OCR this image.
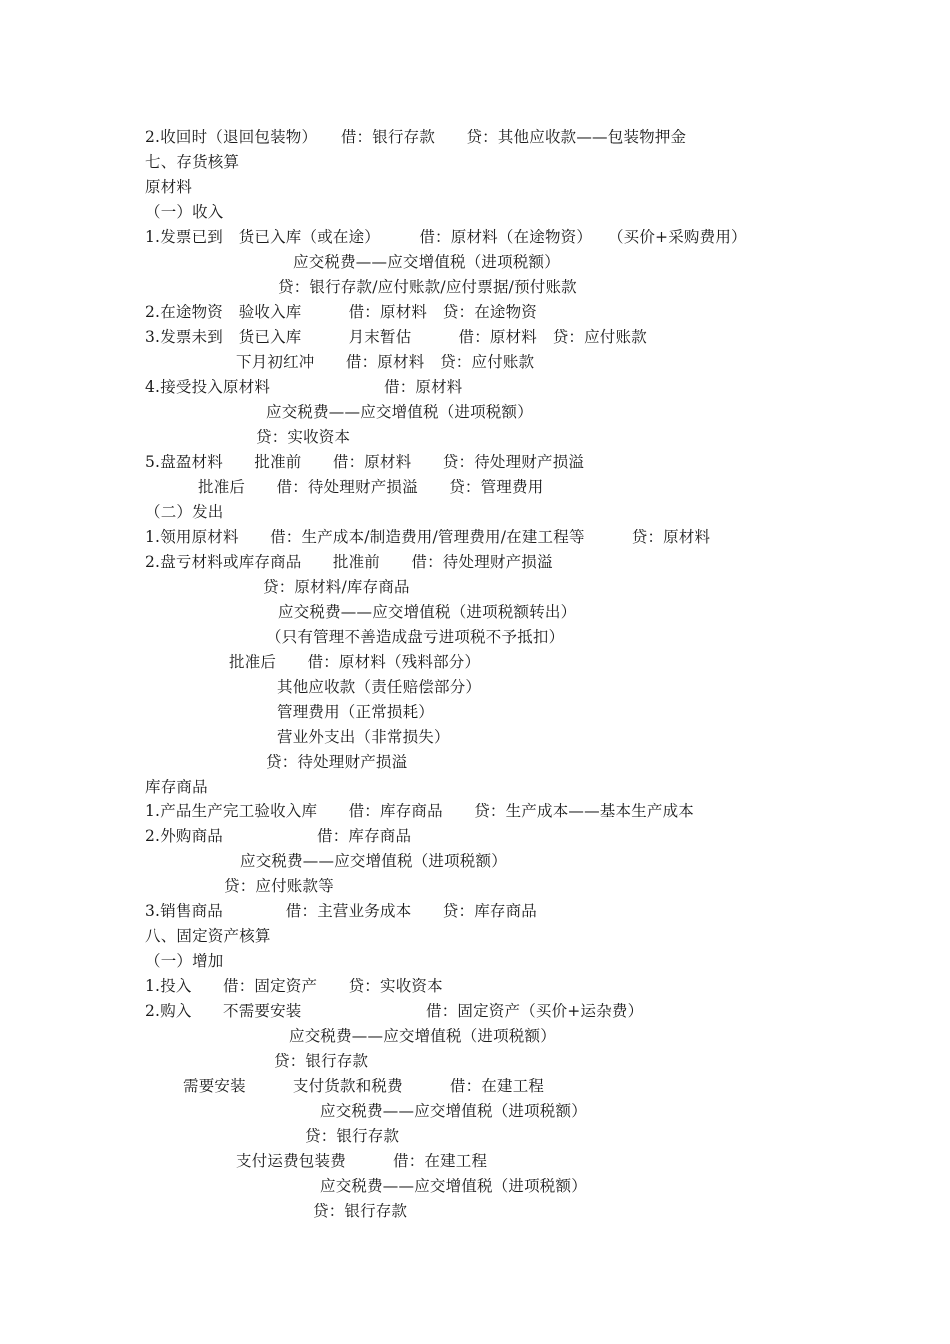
2.收回时（退回包装物）　　借：银行存款　　贷：其他应收款——包装物押金
七、存货核算
原材料
（一）收入
1.发票已到　货已入库（或在途）　　　借：原材料（在途物资）　　（买价+采购费用）
应交税费——应交增值税（进项税额）
贷：银行存款/应付账款/应付票据/预付账款
2.在途物资　验收入库　　　借：原材料　贷：在途物资
3.发票未到　货已入库　　　月末暂估　　　借：原材料　贷：应付账款
下月初红冲　　借：原材料　贷：应付账款
4.接受投入原材料	借：原材料
应交税费——应交增值税（进项税额）
贷：实收资本
5.盘盈材料　　批准前　　借：原材料　　贷：待处理财产损溢
批准后　　借：待处理财产损溢　　贷：管理费用
（二）发出
1.领用原材料　　借：生产成本/制造费用/管理费用/在建工程等　　　贷：原材料
2.盘亏材料或库存商品　　批准前　　借：待处理财产损溢
贷：原材料/库存商品
应交税费——应交增值税（进项税额转出）
（只有管理不善造成盘亏进项税不予抵扣）
批准后　　借：原材料（残料部分）
其他应收款（责任赔偿部分）
管理费用（正常损耗）
营业外支出（非常损失）
贷：待处理财产损溢
库存商品
1.产品生产完工验收入库　　借：库存商品　　贷：生产成本——基本生产成本
2.外购商品	借：库存商品
应交税费——应交增值税（进项税额）
贷：应付账款等
3.销售商品　　　　借：主营业务成本　　贷：库存商品
八、固定资产核算
（一）增加
1.投入　　借：固定资产　　贷：实收资本
2.购入　　不需要安装	借：固定资产（买价+运杂费）
应交税费——应交增值税（进项税额）
贷：银行存款
需要安装　　　支付货款和税费　　　借：在建工程
应交税费——应交增值税（进项税额）
贷：银行存款
支付运费包装费　　　借：在建工程
应交税费——应交增值税（进项税额）
贷：银行存款
